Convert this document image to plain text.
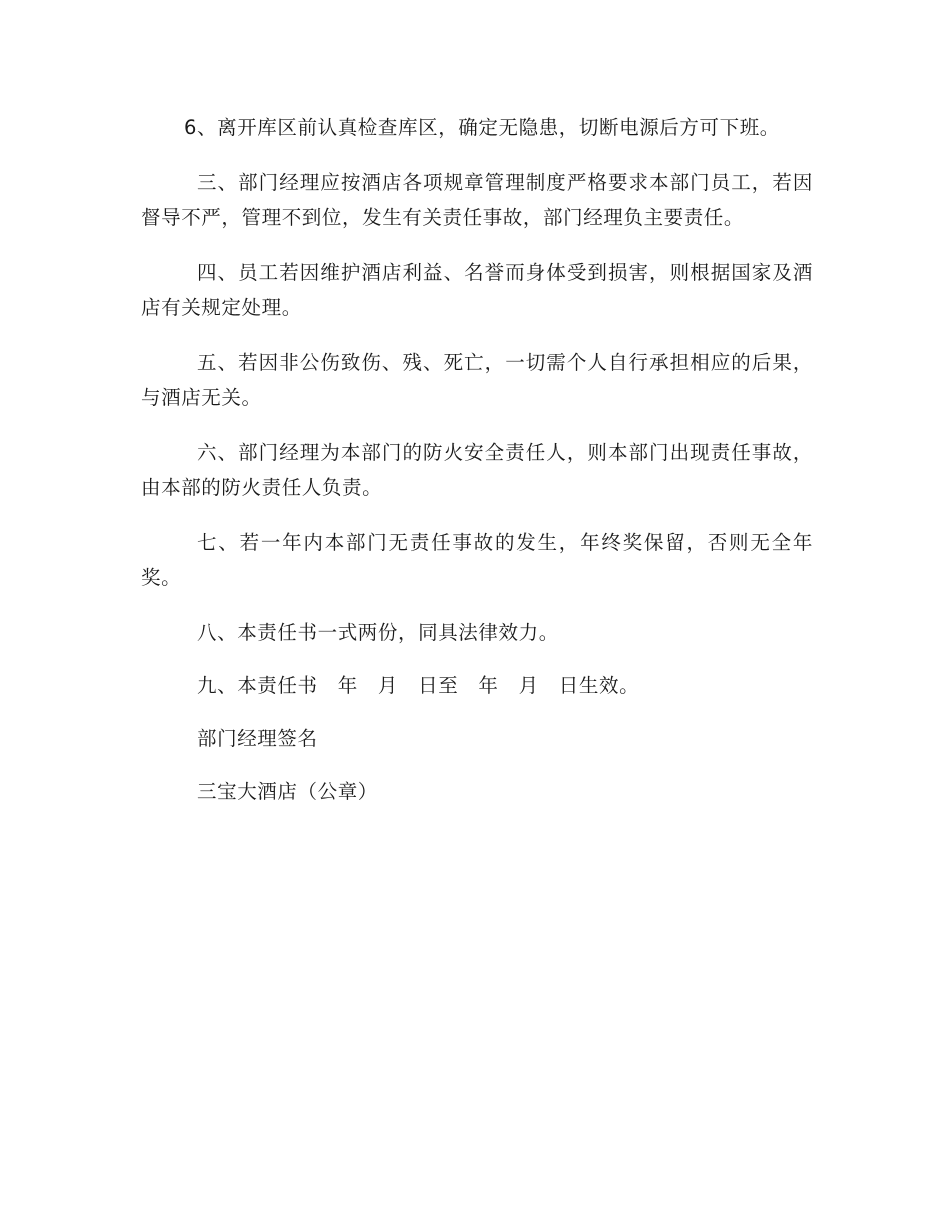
6、离开库区前认真检查库区，确定无隐患，切断电源后方可下班。

三、部门经理应按酒店各项规章管理制度严格要求本部门员工，若因督导不严，管理不到位，发生有关责任事故，部门经理负主要责任。

四、员工若因维护酒店利益、名誉而身体受到损害，则根据国家及酒店有关规定处理。

五、若因非公伤致伤、残、死亡，一切需个人自行承担相应的后果，与酒店无关。

六、部门经理为本部门的防火安全责任人，则本部门出现责任事故，由本部的防火责任人负责。

七、若一年内本部门无责任事故的发生，年终奖保留，否则无全年奖。

八、本责任书一式两份，同具法律效力。

九、本责任书　年　月　日至　年　月　日生效。

部门经理签名

三宝大酒店（公章）
